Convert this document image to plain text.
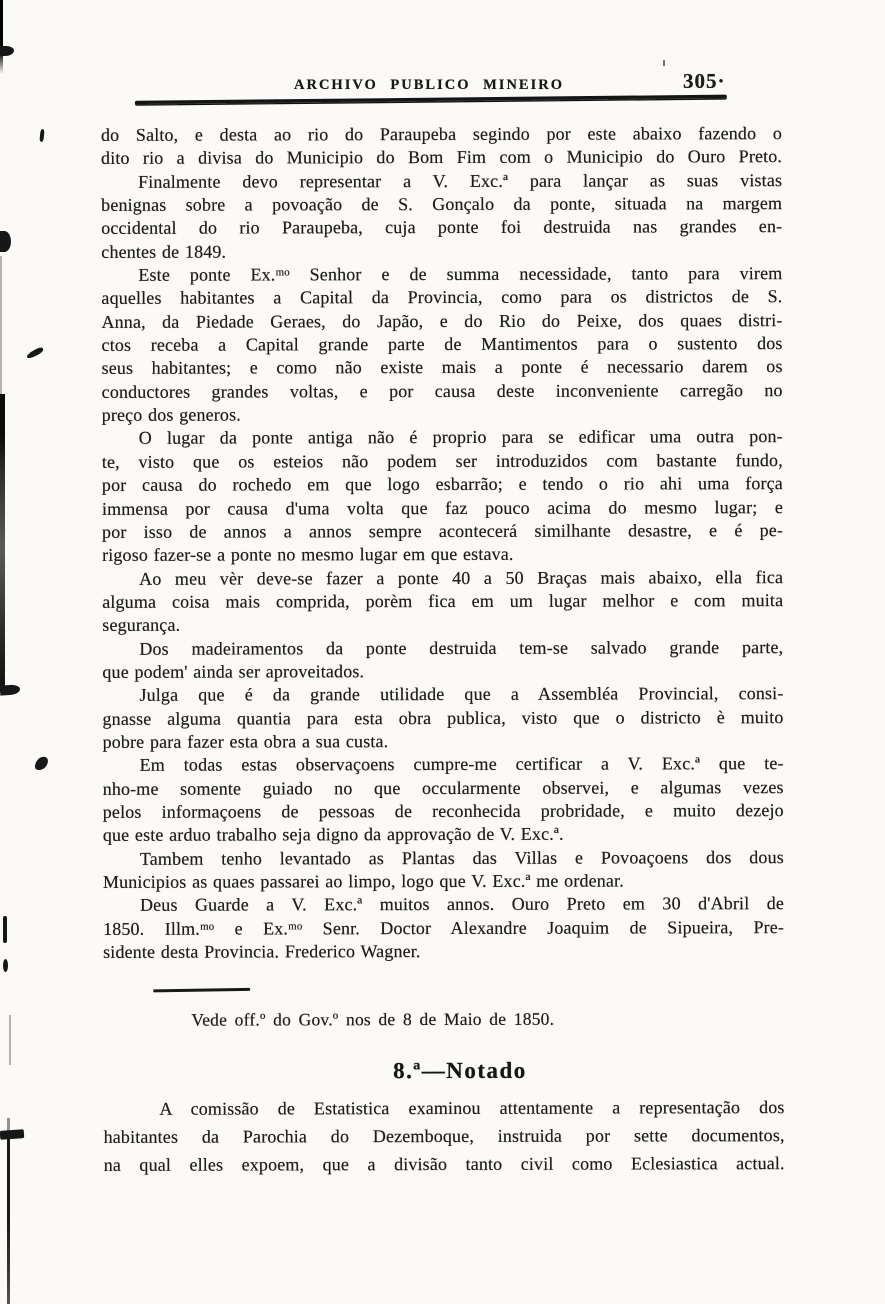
ARCHIVO PUBLICO MINEIRO	305·
do Salto, e desta ao rio do Paraupeba segindo por este abaixo fazendo o
dito rio a divisa do Municipio do Bom Fim com o Municipio do Ouro Preto.
Finalmente devo representar a V. Exc.ª para lançar as suas vistas
benignas sobre a povoação de S. Gonçalo da ponte, situada na margem
occidental do rio Paraupeba, cuja ponte foi destruida nas grandes en-
chentes de 1849.
Este ponte Ex.ᵐᵒ Senhor e de summa necessidade, tanto para virem
aquelles habitantes a Capital da Provincia, como para os districtos de S.
Anna, da Piedade Geraes, do Japão, e do Rio do Peixe, dos quaes distri-
ctos receba a Capital grande parte de Mantimentos para o sustento dos
seus habitantes; e como não existe mais a ponte é necessario darem os
conductores grandes voltas, e por causa deste inconveniente carregão no
preço dos generos.
O lugar da ponte antiga não é proprio para se edificar uma outra pon-
te, visto que os esteios não podem ser introduzidos com bastante fundo,
por causa do rochedo em que logo esbarrão; e tendo o rio ahi uma força
immensa por causa d'uma volta que faz pouco acima do mesmo lugar; e
por isso de annos a annos sempre acontecerá similhante desastre, e é pe-
rigoso fazer-se a ponte no mesmo lugar em que estava.
Ao meu vèr deve-se fazer a ponte 40 a 50 Braças mais abaixo, ella fica
alguma coisa mais comprida, porèm fica em um lugar melhor e com muita
segurança.
Dos madeiramentos da ponte destruida tem-se salvado grande parte,
que podem' ainda ser aproveitados.
Julga que é da grande utilidade que a Assembléa Provincial, consi-
gnasse alguma quantia para esta obra publica, visto que o districto è muito
pobre para fazer esta obra a sua custa.
Em todas estas observaçoens cumpre-me certificar a V. Exc.ª que te-
nho-me somente guiado no que occularmente observei, e algumas vezes
pelos informaçoens de pessoas de reconhecida probridade, e muito dezejo
que este arduo trabalho seja digno da approvação de V. Exc.ª.
Tambem tenho levantado as Plantas das Villas e Povoaçoens dos dous
Municipios as quaes passarei ao limpo, logo que V. Exc.ª me ordenar.
Deus Guarde a V. Exc.ª muitos annos. Ouro Preto em 30 d'Abril de
1850. Illm.ᵐᵒ e Ex.ᵐᵒ Senr. Doctor Alexandre Joaquim de Sipueira, Pre-
sidente desta Provincia. Frederico Wagner.
Vede off.º do Gov.º nos de 8 de Maio de 1850.
8.ª—Notado
A comissão de Estatistica examinou attentamente a representação dos
habitantes da Parochia do Dezemboque, instruida por sette documentos,
na qual elles expoem, que a divisão tanto civil como Eclesiastica actual.
